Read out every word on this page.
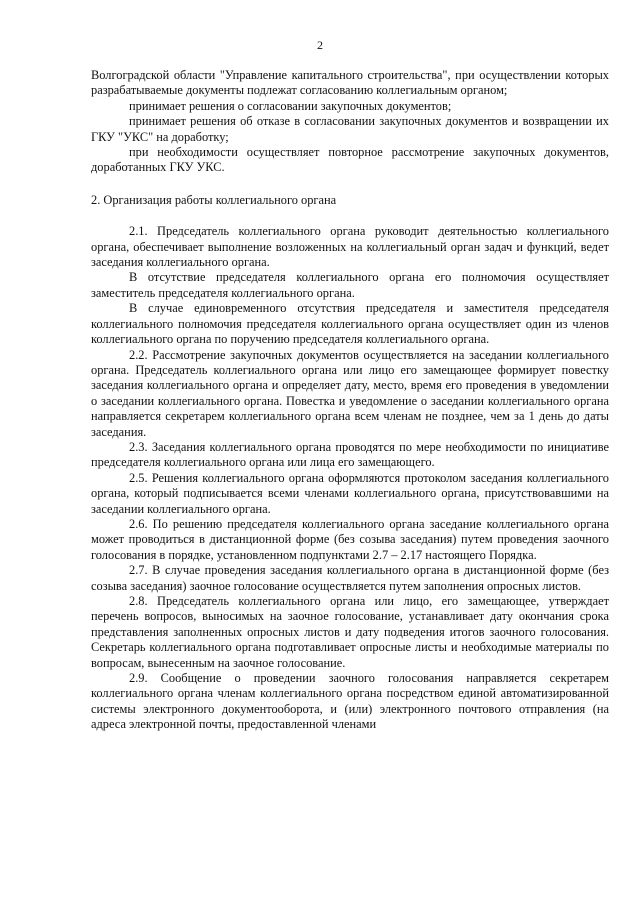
2

Волгоградской области "Управление капитального строительства", при осуществлении которых разрабатываемые документы подлежат согласованию коллегиальным органом;

принимает решения о согласовании закупочных документов;

принимает решения об отказе в согласовании закупочных документов и возвращении их ГКУ "УКС" на доработку;

при необходимости осуществляет повторное рассмотрение закупочных документов, доработанных ГКУ УКС.

2. Организация работы коллегиального органа

2.1. Председатель коллегиального органа руководит деятельностью коллегиального органа, обеспечивает выполнение возложенных на коллегиальный орган задач и функций, ведет заседания коллегиального органа.

В отсутствие председателя коллегиального органа его полномочия осуществляет заместитель председателя коллегиального органа.

В случае единовременного отсутствия председателя и заместителя председателя коллегиального полномочия председателя коллегиального органа осуществляет один из членов коллегиального органа по поручению председателя коллегиального органа.

2.2. Рассмотрение закупочных документов осуществляется на заседании коллегиального органа. Председатель коллегиального органа или лицо его замещающее формирует повестку заседания коллегиального органа и определяет дату, место, время его проведения в уведомлении о заседании коллегиального органа. Повестка и уведомление о заседании коллегиального органа направляется секретарем коллегиального органа всем членам не позднее, чем за 1 день до даты заседания.

2.3. Заседания коллегиального органа проводятся по мере необходимости по инициативе председателя коллегиального органа или лица его замещающего.

2.5. Решения коллегиального органа оформляются протоколом заседания коллегиального органа, который подписывается всеми членами коллегиального органа, присутствовавшими на заседании коллегиального органа.

2.6. По решению председателя коллегиального органа заседание коллегиального органа может проводиться в дистанционной форме (без созыва заседания) путем проведения заочного голосования в порядке, установленном подпунктами 2.7 – 2.17 настоящего Порядка.

2.7. В случае проведения заседания коллегиального органа в дистанционной форме (без созыва заседания) заочное голосование осуществляется путем заполнения опросных листов.

2.8. Председатель коллегиального органа или лицо, его замещающее, утверждает перечень вопросов, выносимых на заочное голосование, устанавливает дату окончания срока представления заполненных опросных листов и дату подведения итогов заочного голосования. Секретарь коллегиального органа подготавливает опросные листы и необходимые материалы по вопросам, вынесенным на заочное голосование.

2.9. Сообщение о проведении заочного голосования направляется секретарем коллегиального органа членам коллегиального органа посредством единой автоматизированной системы электронного документооборота, и (или) электронного почтового отправления (на адреса электронной почты, предоставленной членами
